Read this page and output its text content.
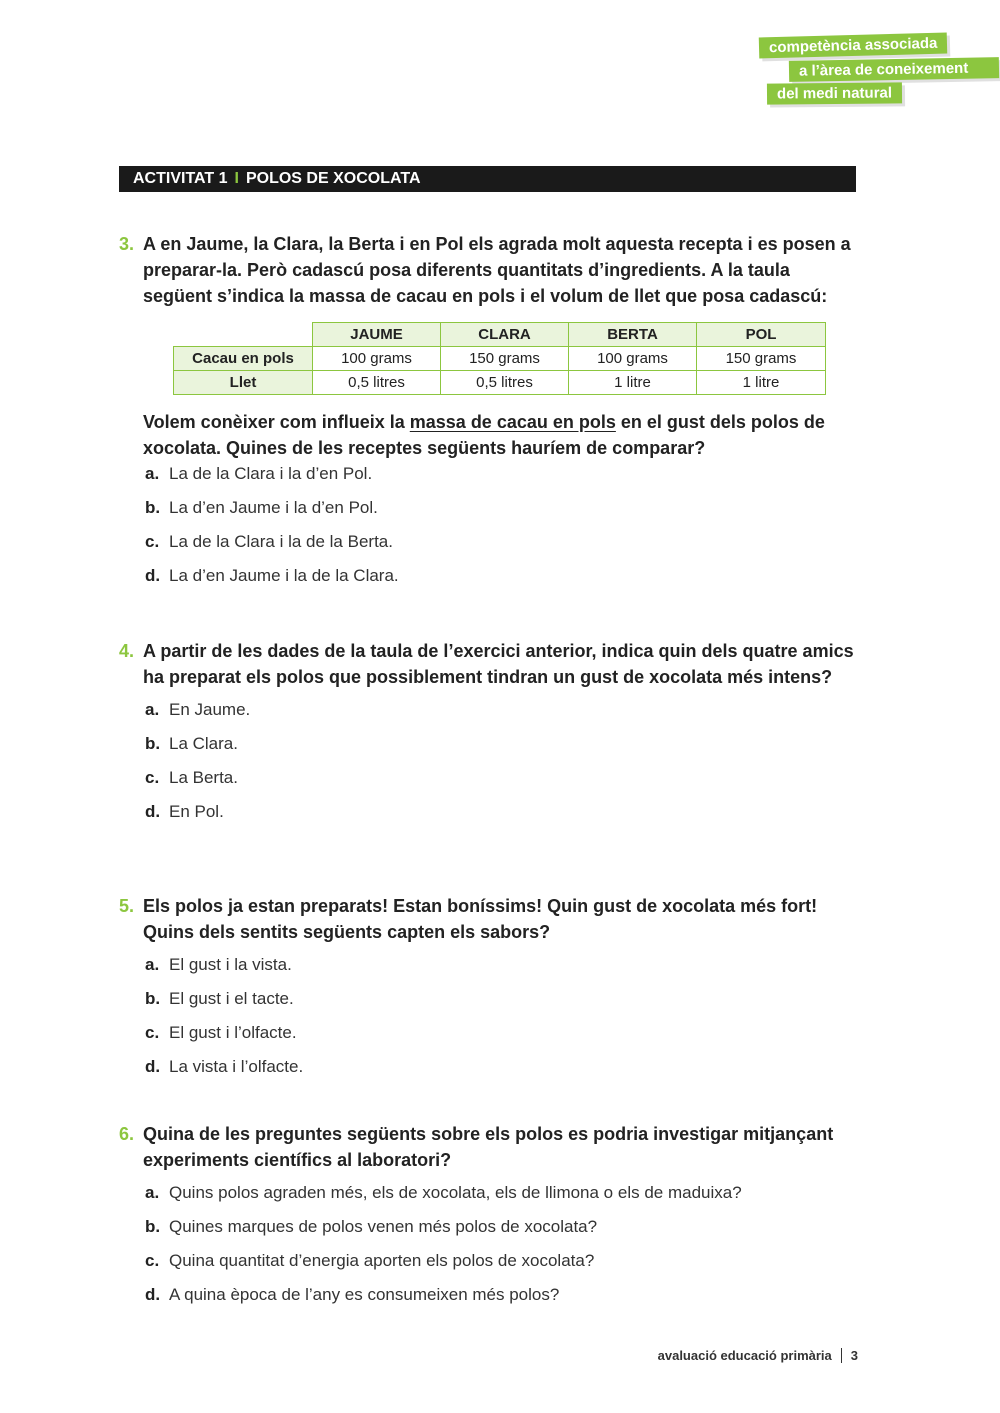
competència associada
a l’àrea de coneixement
del medi natural
ACTIVITAT 1 I POLOS DE XOCOLATA
3. A en Jaume, la Clara, la Berta i en Pol els agrada molt aquesta recepta i es posen a preparar-la. Però cadascú posa diferents quantitats d’ingredients. A la taula següent s’indica la massa de cacau en pols i el volum de llet que posa cadascú:
	JAUME	CLARA	BERTA	POL
Cacau en pols	100 grams	150 grams	100 grams	150 grams
Llet	0,5 litres	0,5 litres	1 litre	1 litre
Volem conèixer com influeix la massa de cacau en pols en el gust dels polos de xocolata. Quines de les receptes següents hauríem de comparar?
a. La de la Clara i la d’en Pol.
b. La d’en Jaume i la d’en Pol.
c. La de la Clara i la de la Berta.
d. La d’en Jaume i la de la Clara.
4. A partir de les dades de la taula de l’exercici anterior, indica quin dels quatre amics ha preparat els polos que possiblement tindran un gust de xocolata més intens?
a. En Jaume.
b. La Clara.
c. La Berta.
d. En Pol.
5. Els polos ja estan preparats! Estan boníssims! Quin gust de xocolata més fort! Quins dels sentits següents capten els sabors?
a. El gust i la vista.
b. El gust i el tacte.
c. El gust i l’olfacte.
d. La vista i l’olfacte.
6. Quina de les preguntes següents sobre els polos es podria investigar mitjançant experiments científics al laboratori?
a. Quins polos agraden més, els de xocolata, els de llimona o els de maduixa?
b. Quines marques de polos venen més polos de xocolata?
c. Quina quantitat d’energia aporten els polos de xocolata?
d. A quina època de l’any es consumeixen més polos?
avaluació educació primària 3
